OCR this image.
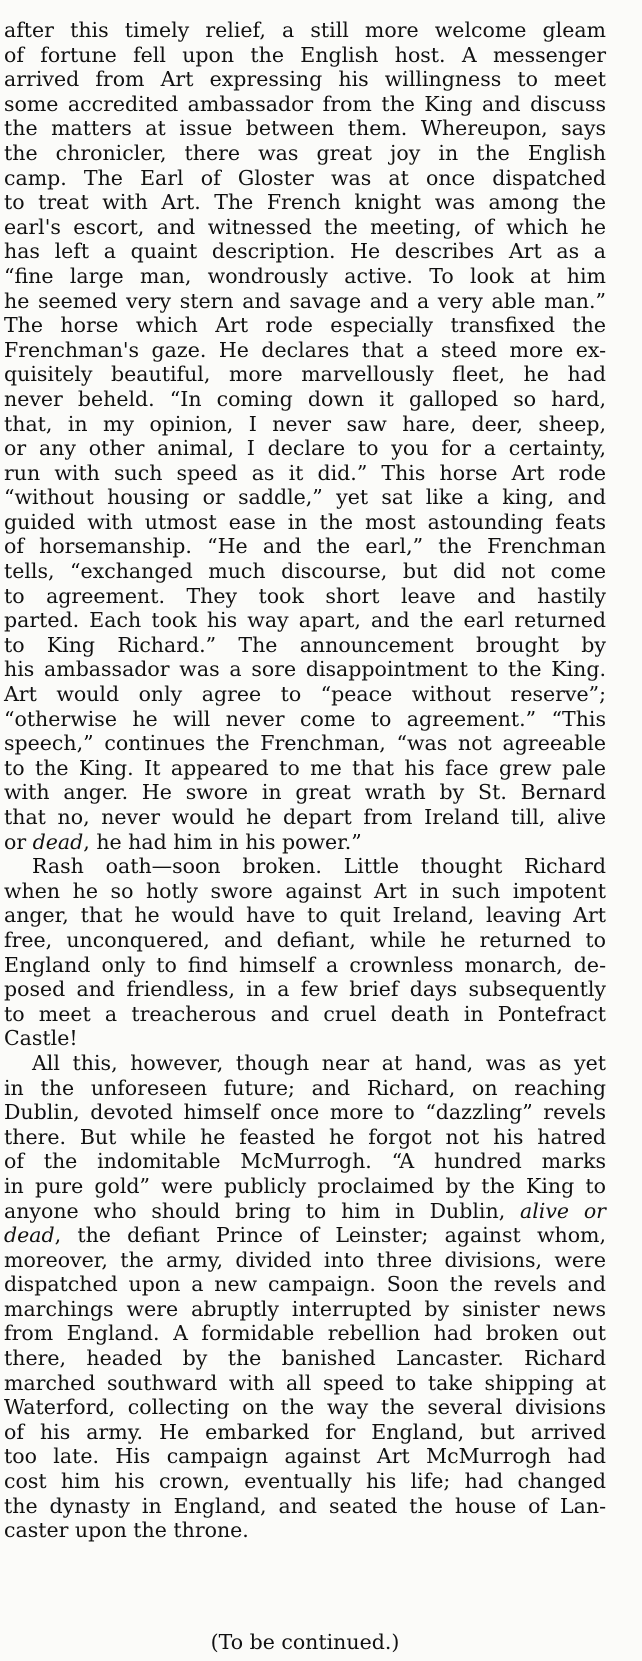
after this timely relief, a still more welcome gleam
of fortune fell upon the English host. A messenger
arrived from Art expressing his willingness to meet
some accredited ambassador from the King and discuss
the matters at issue between them. Whereupon, says
the chronicler, there was great joy in the English
camp. The Earl of Gloster was at once dispatched
to treat with Art. The French knight was among the
earl's escort, and witnessed the meeting, of which he
has left a quaint description. He describes Art as a
“fine large man, wondrously active. To look at him
he seemed very stern and savage and a very able man.”
The horse which Art rode especially transfixed the
Frenchman's gaze. He declares that a steed more ex-
quisitely beautiful, more marvellously fleet, he had
never beheld. “In coming down it galloped so hard,
that, in my opinion, I never saw hare, deer, sheep,
or any other animal, I declare to you for a certainty,
run with such speed as it did.” This horse Art rode
“without housing or saddle,” yet sat like a king, and
guided with utmost ease in the most astounding feats
of horsemanship. “He and the earl,” the Frenchman
tells, “exchanged much discourse, but did not come
to agreement. They took short leave and hastily
parted. Each took his way apart, and the earl returned
to King Richard.” The announcement brought by
his ambassador was a sore disappointment to the King.
Art would only agree to “peace without reserve”;
“otherwise he will never come to agreement.” “This
speech,” continues the Frenchman, “was not agreeable
to the King. It appeared to me that his face grew pale
with anger. He swore in great wrath by St. Bernard
that no, never would he depart from Ireland till, alive
or dead, he had him in his power.”
Rash oath—soon broken. Little thought Richard
when he so hotly swore against Art in such impotent
anger, that he would have to quit Ireland, leaving Art
free, unconquered, and defiant, while he returned to
England only to find himself a crownless monarch, de-
posed and friendless, in a few brief days subsequently
to meet a treacherous and cruel death in Pontefract
Castle!
All this, however, though near at hand, was as yet
in the unforeseen future; and Richard, on reaching
Dublin, devoted himself once more to “dazzling” revels
there. But while he feasted he forgot not his hatred
of the indomitable McMurrogh. “A hundred marks
in pure gold” were publicly proclaimed by the King to
anyone who should bring to him in Dublin, alive or
dead, the defiant Prince of Leinster; against whom,
moreover, the army, divided into three divisions, were
dispatched upon a new campaign. Soon the revels and
marchings were abruptly interrupted by sinister news
from England. A formidable rebellion had broken out
there, headed by the banished Lancaster. Richard
marched southward with all speed to take shipping at
Waterford, collecting on the way the several divisions
of his army. He embarked for England, but arrived
too late. His campaign against Art McMurrogh had
cost him his crown, eventually his life; had changed
the dynasty in England, and seated the house of Lan-
caster upon the throne.
(To be continued.)
